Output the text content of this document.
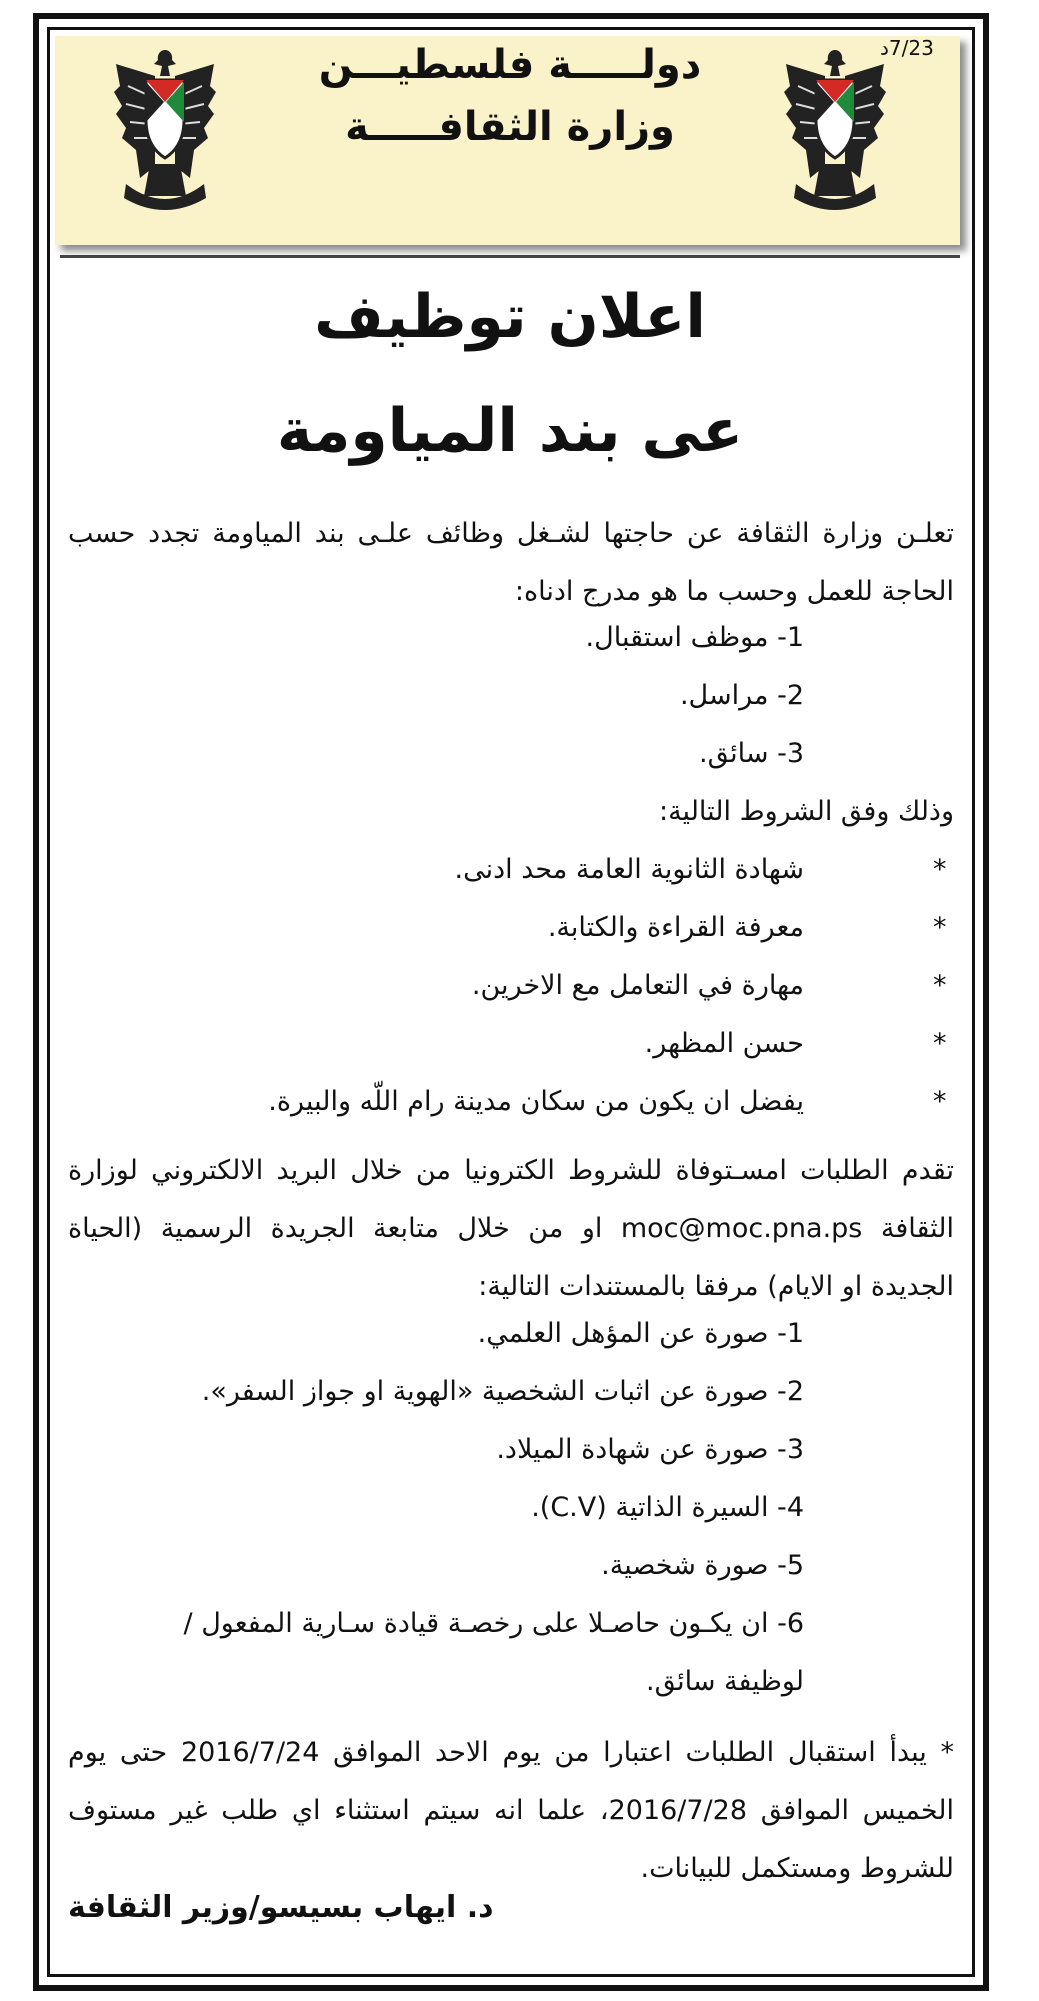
7/23د
دولـــــة فلسطيـــن
وزارة الثقافـــــة
اعلان توظيف
عى بند المياومة
تعلـن وزارة الثقافة عن حاجتها لشـغل وظائف علـى بند المياومة تجدد حسب الحاجة للعمل وحسب ما هو مدرج ادناه:
1- موظف استقبال.
2- مراسل.
3- سائق.
وذلك وفق الشروط التالية:
*
شهادة الثانوية العامة محد ادنى.
*
معرفة القراءة والكتابة.
*
مهارة في التعامل مع الاخرين.
*
حسن المظهر.
*
يفضل ان يكون من سكان مدينة رام اللّه والبيرة.
تقدم الطلبات امسـتوفاة للشروط الكترونيا من خلال البريد الالكتروني لوزارة الثقافة moc@moc.pna.ps او من خلال متابعة الجريدة الرسمية (الحياة الجديدة او الايام) مرفقا بالمستندات التالية:
1- صورة عن المؤهل العلمي.
2- صورة عن اثبات الشخصية «الهوية او جواز السفر».
3- صورة عن شهادة الميلاد.
4- السيرة الذاتية (C.V).
5- صورة شخصية.
6- ان يكـون حاصـلا على رخصـة قيادة سـارية المفعول /
لوظيفة سائق.
* يبدأ استقبال الطلبات اعتبارا من يوم الاحد الموافق 2016/7/24 حتى يوم الخميس الموافق 2016/7/28، علما انه سيتم استثناء اي طلب غير مستوف للشروط ومستكمل للبيانات.
د. ايهاب بسيسو/وزير الثقافة
